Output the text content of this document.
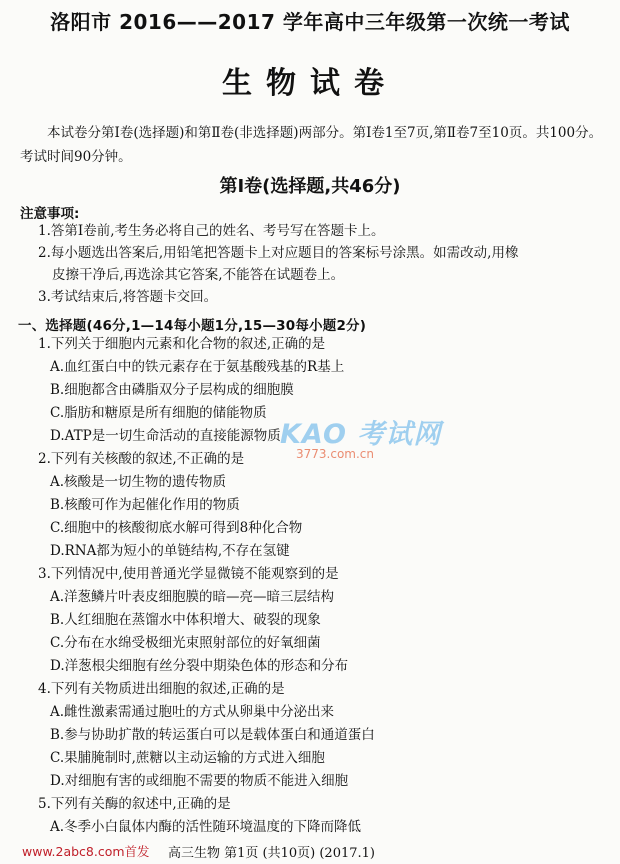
洛阳市 2016——2017 学年高中三年级第一次统一考试
生物试卷
本试卷分第Ⅰ卷(选择题)和第Ⅱ卷(非选择题)两部分。第Ⅰ卷1至7页,第Ⅱ卷7至10页。共100分。考试时间90分钟。
第Ⅰ卷(选择题,共46分)
注意事项:
1.答第Ⅰ卷前,考生务必将自己的姓名、考号写在答题卡上。
2.每小题选出答案后,用铅笔把答题卡上对应题目的答案标号涂黑。如需改动,用橡
皮擦干净后,再选涂其它答案,不能答在试题卷上。
3.考试结束后,将答题卡交回。
一、选择题(46分,1—14每小题1分,15—30每小题2分)
1.下列关于细胞内元素和化合物的叙述,正确的是
A.血红蛋白中的铁元素存在于氨基酸残基的R基上
B.细胞都含由磷脂双分子层构成的细胞膜
C.脂肪和糖原是所有细胞的储能物质
D.ATP是一切生命活动的直接能源物质
2.下列有关核酸的叙述,不正确的是
A.核酸是一切生物的遗传物质
B.核酸可作为起催化作用的物质
C.细胞中的核酸彻底水解可得到8种化合物
D.RNA都为短小的单链结构,不存在氢键
3.下列情况中,使用普通光学显微镜不能观察到的是
A.洋葱鳞片叶表皮细胞膜的暗—亮—暗三层结构
B.人红细胞在蒸馏水中体积增大、破裂的现象
C.分布在水绵受极细光束照射部位的好氧细菌
D.洋葱根尖细胞有丝分裂中期染色体的形态和分布
4.下列有关物质进出细胞的叙述,正确的是
A.雌性激素需通过胞吐的方式从卵巢中分泌出来
B.参与协助扩散的转运蛋白可以是载体蛋白和通道蛋白
C.果脯腌制时,蔗糖以主动运输的方式进入细胞
D.对细胞有害的或细胞不需要的物质不能进入细胞
5.下列有关酶的叙述中,正确的是
A.冬季小白鼠体内酶的活性随环境温度的下降而降低
KAO 考试网
3773.com.cn
www.2abc8.com首发 高三生物 第1页 (共10页) (2017.1)
